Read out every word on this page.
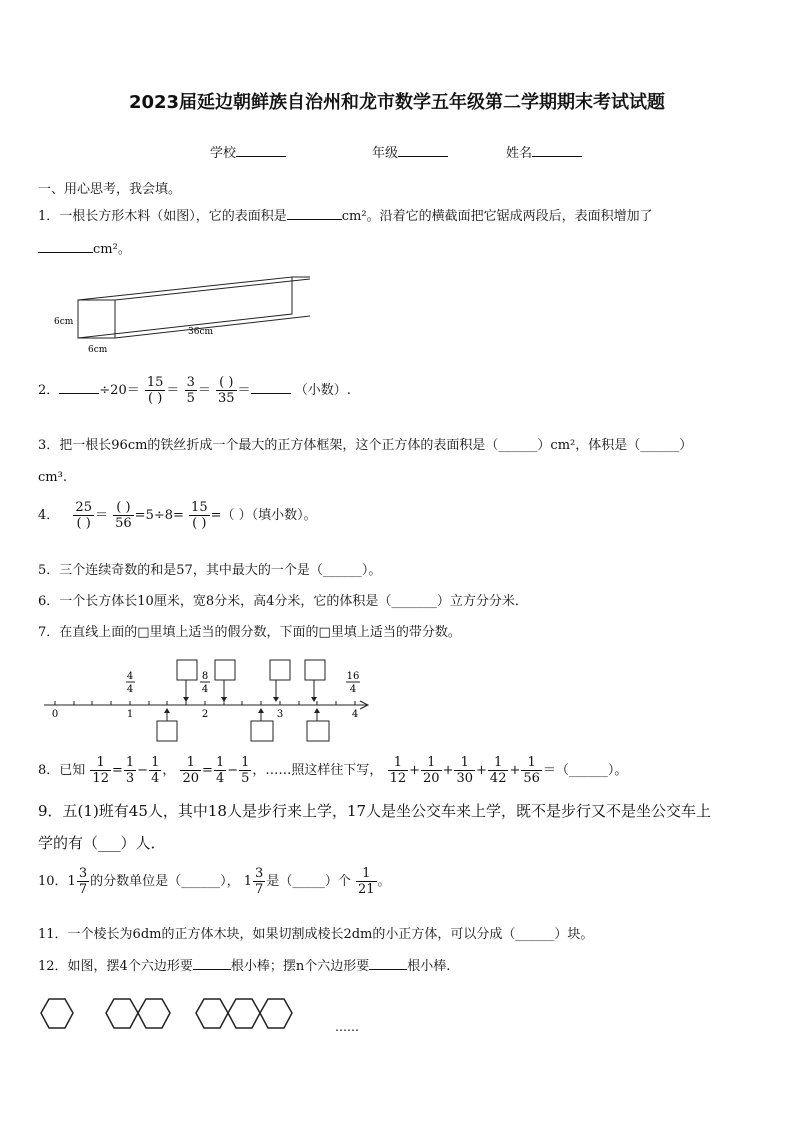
2023届延边朝鲜族自治州和龙市数学五年级第二学期期末考试试题
学校	年级	姓名
一、用心思考，我会填。
1．一根长方形木料（如图），它的表面积是	cm²。沿着它的横截面把它锯成两段后，表面积增加了
cm²。
6cm
6cm
36cm
2．	$\div 20= \frac{15}{( )} = \frac{3}{5} = \frac{( )}{35}$ ＝	（小数）.
3．把一根长96cm的铁丝折成一个最大的正方体框架，这个正方体的表面积是（______）cm²，体积是（______）
cm³.
4． $\frac{25}{( )} = \frac{( )}{56} =5\div 8= \frac{15}{( )}$ =（ ）（填小数）。
5．三个连续奇数的和是57，其中最大的一个是（______）。
6．一个长方体长10厘米，宽8分米，高4分米，它的体积是（_______）立方分分米．
7．在直线上面的□里填上适当的假分数，下面的□里填上适当的带分数。
4
4
8
4
16
4
0	1	2	3	4
8．已知 $\frac{1}{12} = \frac{1}{3} - \frac{1}{4}$ ， $\frac{1}{20} = \frac{1}{4} - \frac{1}{5}$ ，……照这样往下写， $\frac{1}{12} + \frac{1}{20} + \frac{1}{30} + \frac{1}{42} + \frac{1}{56}$ ＝（______）。
9．五(1)班有45人，其中18人是步行来上学，17人是坐公交车来上学，既不是步行又不是坐公交车上
学的有（___）人．
10．$1 \frac{3}{7}$ 的分数单位是（______）， $1 \frac{3}{7}$ 是（_____）个 $\frac{1}{21}$ 。
11．一个棱长为6dm的正方体木块，如果切割成棱长2dm的小正方体，可以分成（______）块。
12．如图，摆4个六边形要	根小棒；摆n个六边形要	根小棒.
……
